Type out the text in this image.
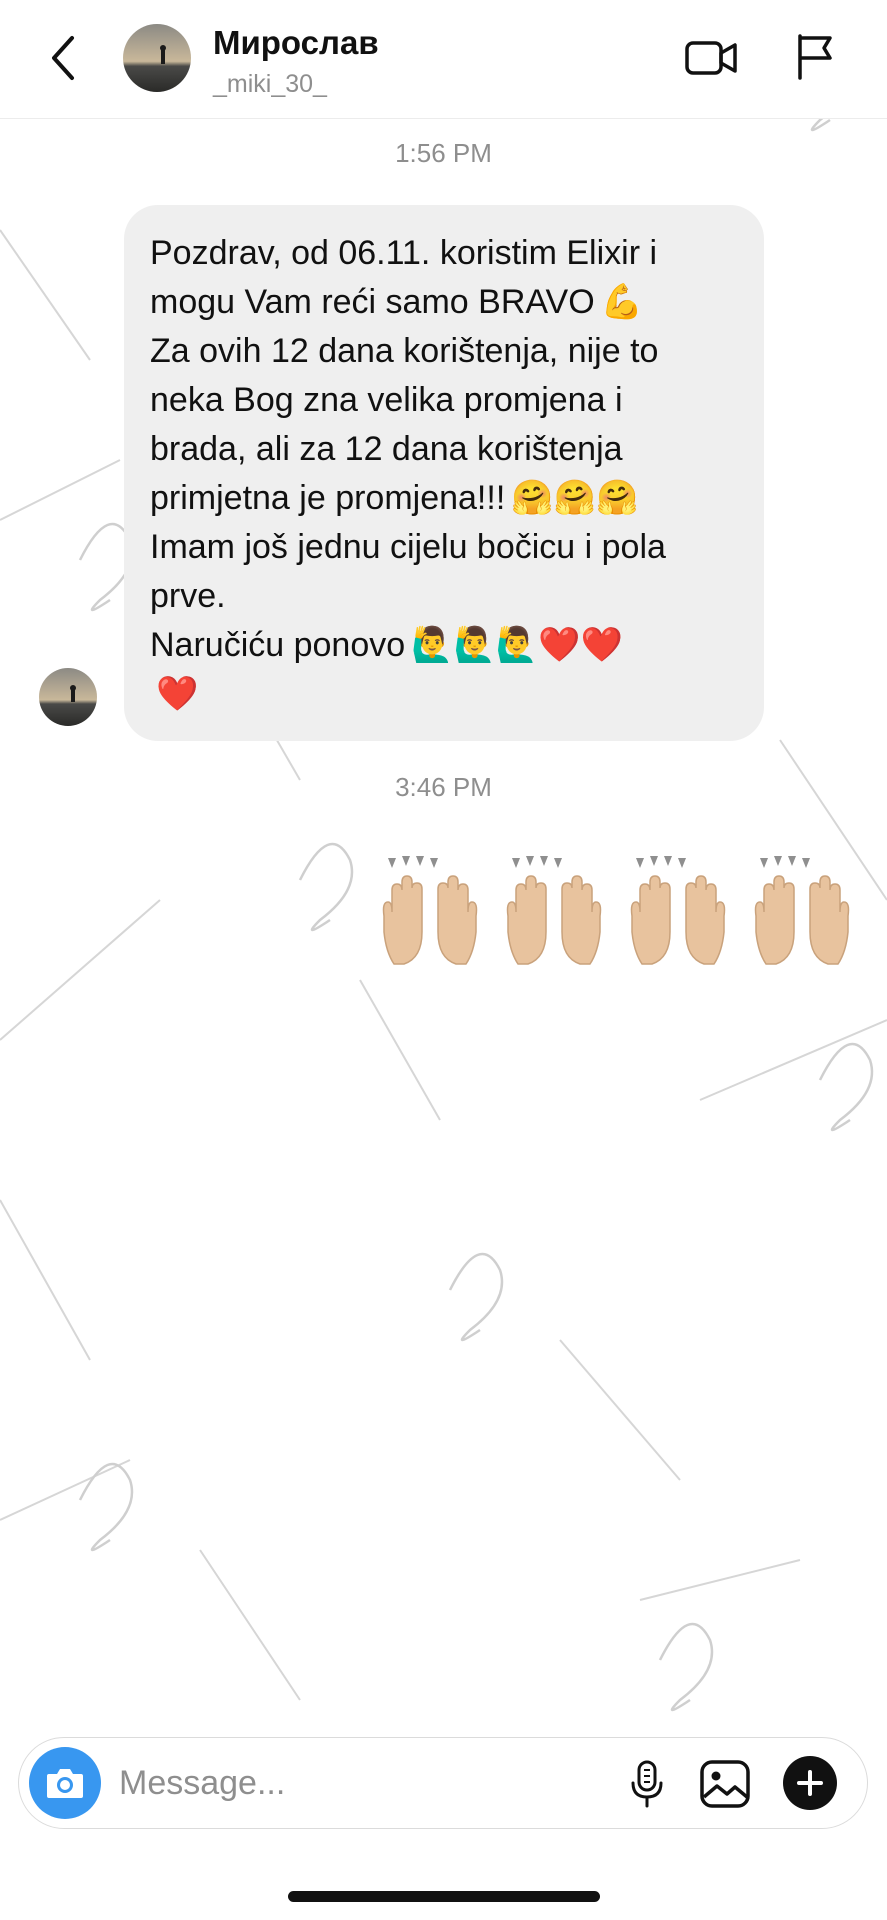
Мирослав
_miki_30_
1:56 PM
Pozdrav, od 06.11. koristim Elixir i
mogu Vam reći samo BRAVO 💪
Za ovih 12 dana korištenja, nije to
neka Bog zna velika promjena i
brada, ali za 12 dana korištenja
primjetna je promjena!!! 🤗🤗🤗
Imam još jednu cijelu bočicu i pola
prve.
Naručiću ponovo 🙋‍♂️🙋‍♂️🙋‍♂️❤️❤️
❤️
3:46 PM
Message...
